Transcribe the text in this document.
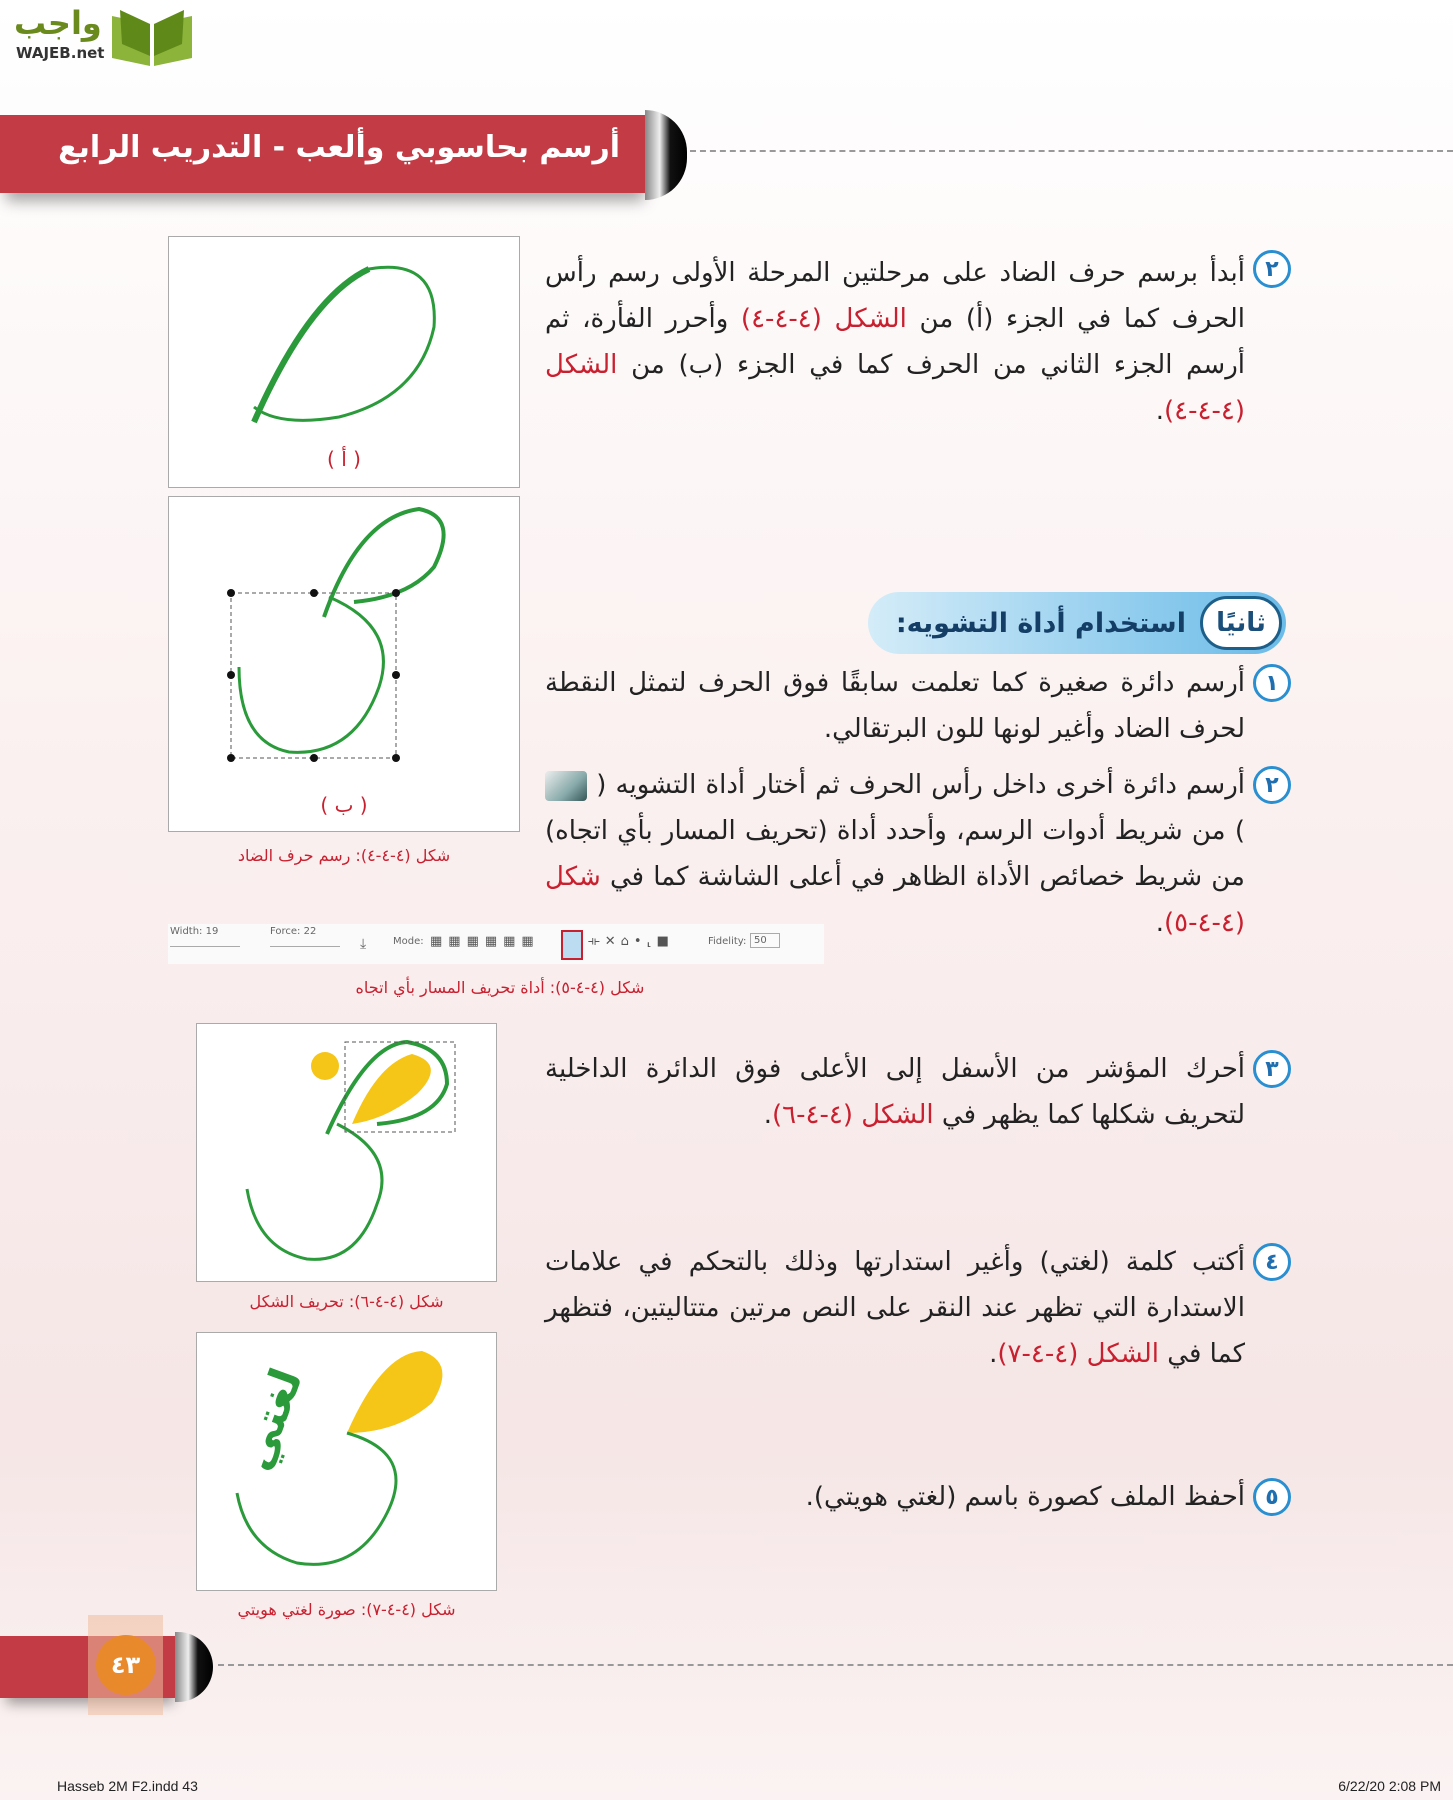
واجب
WAJEB.net
أرسم بحاسوبي وألعب - التدريب الرابع
( أ )
( ب )
شكل (٤-٤-٤): رسم حرف الضاد
٢
أبدأ برسم حرف الضاد على مرحلتين المرحلة الأولى رسم رأس الحرف كما في الجزء (أ) من الشكل (٤-٤-٤) وأحرر الفأرة، ثم أرسم الجزء الثاني من الحرف كما في الجزء (ب) من الشكل (٤-٤-٤).
ثانيًا
استخدام أداة التشويه:
١
أرسم دائرة صغيرة كما تعلمت سابقًا فوق الحرف لتمثل النقطة لحرف الضاد وأغير لونها للون البرتقالي.
٢
أرسم دائرة أخرى داخل رأس الحرف ثم أختار أداة التشويه (  ) من شريط أدوات الرسم، وأحدد أداة (تحريف المسار بأي اتجاه) من شريط خصائص الأداة الظاهر في أعلى الشاشة كما في شكل (٤-٤-٥).
Width: 19	Force: 22
⤓	Mode: ▦▦▦▦▦▦	⟛✕⌂•⸤■	Fidelity: 50
شكل (٤-٤-٥): أداة تحريف المسار بأي اتجاه
شكل (٤-٤-٦): تحريف الشكل
٣
أحرك المؤشر من الأسفل إلى الأعلى فوق الدائرة الداخلية لتحريف شكلها كما يظهر في الشكل (٤-٤-٦).
لغتي
شكل (٤-٤-٧): صورة لغتي هويتي
٤
أكتب كلمة (لغتي) وأغير استدارتها وذلك بالتحكم في علامات الاستدارة التي تظهر عند النقر على النص مرتين متتاليتين، فتظهر كما في الشكل (٤-٤-٧).
٥
أحفظ الملف كصورة باسم (لغتي هويتي).
٤٣
Hasseb 2M F2.indd 43	6/22/20 2:08 PM
